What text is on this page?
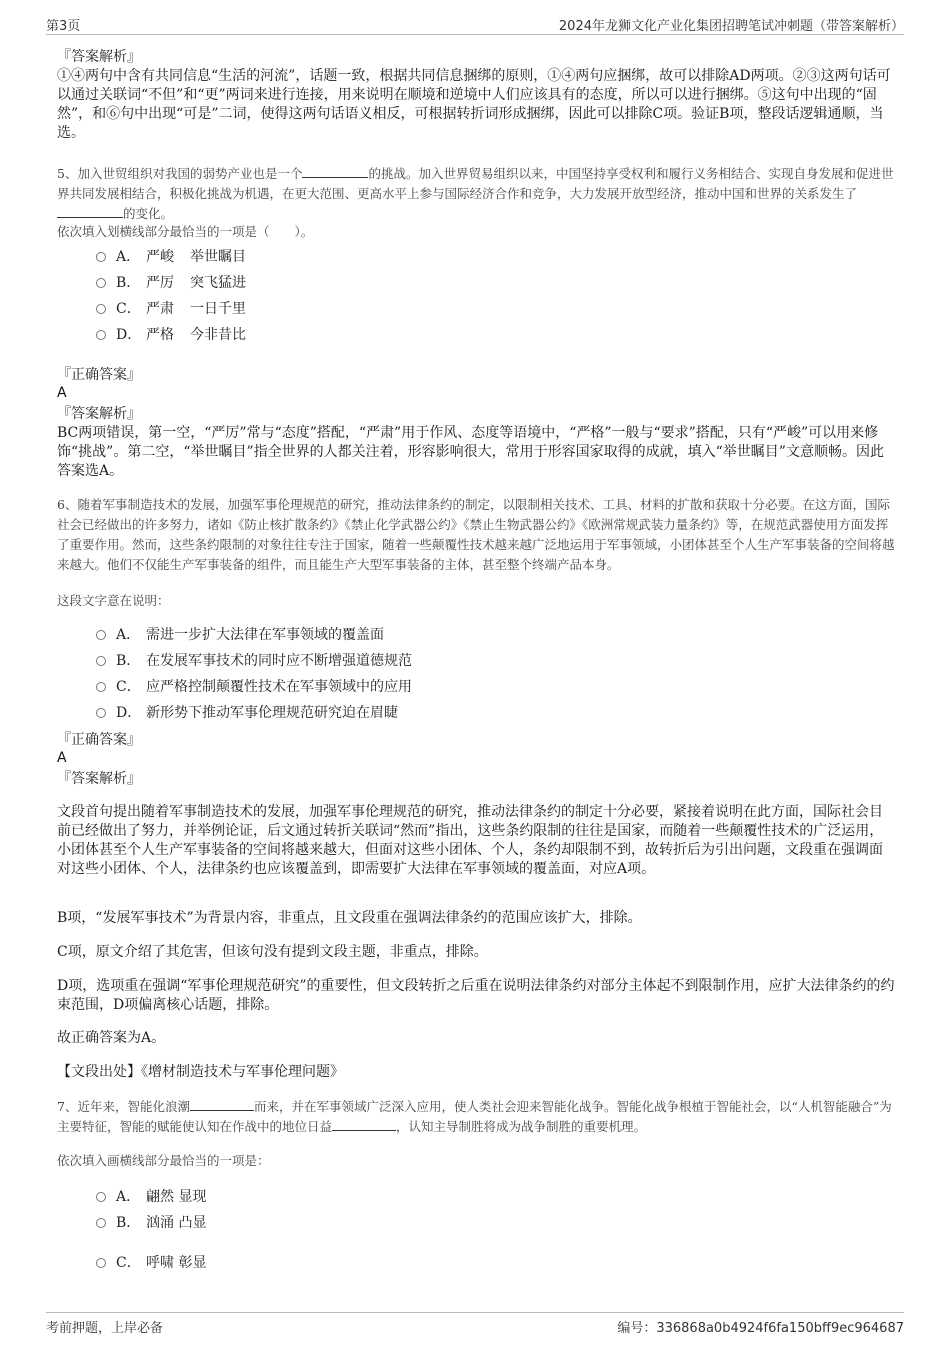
第3页	2024年龙狮文化产业化集团招聘笔试冲刺题（带答案解析）
『答案解析』
①④两句中含有共同信息“生活的河流”，话题一致，根据共同信息捆绑的原则，①④两句应捆绑，故可以排除AD两项。②③这两句话可以通过关联词“不但”和“更”两词来进行连接，用来说明在顺境和逆境中人们应该具有的态度，所以可以进行捆绑。⑤这句中出现的“固然”，和⑥句中出现“可是”二词，使得这两句话语义相反，可根据转折词形成捆绑，因此可以排除C项。验证B项，整段话逻辑通顺，当选。
5、加入世贸组织对我国的弱势产业也是一个	的挑战。加入世界贸易组织以来，中国坚持享受权利和履行义务相结合、实现自身发展和促进世界共同发展相结合，积极化挑战为机遇，在更大范围、更高水平上参与国际经济合作和竞争，大力发展开放型经济，推动中国和世界的关系发生了的变化。
依次填入划横线部分最恰当的一项是（　　）。
A． 严峻 举世瞩目
B． 严厉 突飞猛进
C． 严肃 一日千里
D． 严格 今非昔比
『正确答案』
A
『答案解析』
BC两项错误，第一空，“严厉”常与“态度”搭配，“严肃”用于作风、态度等语境中，“严格”一般与“要求”搭配，只有“严峻”可以用来修饰“挑战”。第二空，“举世瞩目”指全世界的人都关注着，形容影响很大，常用于形容国家取得的成就，填入“举世瞩目”文意顺畅。因此答案选A。
6、随着军事制造技术的发展，加强军事伦理规范的研究，推动法律条约的制定，以限制相关技术、工具、材料的扩散和获取十分必要。在这方面，国际社会已经做出的许多努力，诸如《防止核扩散条约》《禁止化学武器公约》《禁止生物武器公约》《欧洲常规武装力量条约》等，在规范武器使用方面发挥了重要作用。然而，这些条约限制的对象往往专注于国家，随着一些颠覆性技术越来越广泛地运用于军事领域，小团体甚至个人生产军事装备的空间将越来越大。他们不仅能生产军事装备的组件，而且能生产大型军事装备的主体，甚至整个终端产品本身。
这段文字意在说明：
A． 需进一步扩大法律在军事领域的覆盖面
B． 在发展军事技术的同时应不断增强道德规范
C． 应严格控制颠覆性技术在军事领域中的应用
D． 新形势下推动军事伦理规范研究迫在眉睫
『正确答案』
A
『答案解析』
文段首句提出随着军事制造技术的发展，加强军事伦理规范的研究，推动法律条约的制定十分必要，紧接着说明在此方面，国际社会目前已经做出了努力，并举例论证，后文通过转折关联词“然而”指出，这些条约限制的往往是国家，而随着一些颠覆性技术的广泛运用，小团体甚至个人生产军事装备的空间将越来越大，但面对这些小团体、个人，条约却限制不到，故转折后为引出问题，文段重在强调面对这些小团体、个人，法律条约也应该覆盖到，即需要扩大法律在军事领域的覆盖面，对应A项。
B项，“发展军事技术”为背景内容，非重点，且文段重在强调法律条约的范围应该扩大，排除。
C项，原文介绍了其危害，但该句没有提到文段主题，非重点，排除。
D项，选项重在强调“军事伦理规范研究”的重要性，但文段转折之后重在说明法律条约对部分主体起不到限制作用，应扩大法律条约的约束范围，D项偏离核心话题，排除。
故正确答案为A。
【文段出处】《增材制造技术与军事伦理问题》
7、近年来，智能化浪潮	而来，并在军事领域广泛深入应用，使人类社会迎来智能化战争。智能化战争根植于智能社会，以“人机智能融合”为主要特征，智能的赋能使认知在作战中的地位日益	，认知主导制胜将成为战争制胜的重要机理。
依次填入画横线部分最恰当的一项是：
A． 翩然 显现
B． 汹涌 凸显
C． 呼啸 彰显
考前押题，上岸必备	编号：336868a0b4924f6fa150bff9ec964687
